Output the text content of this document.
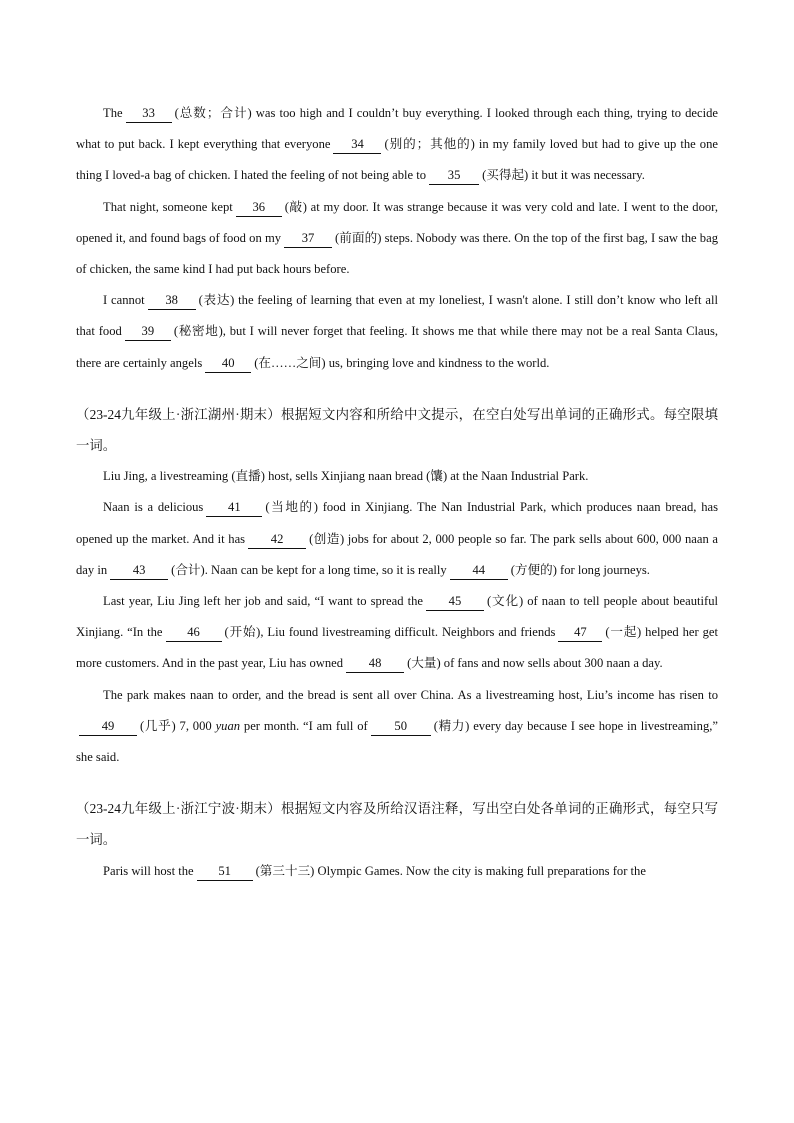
The 33 (总数；合计) was too high and I couldn’t buy everything. I looked through each thing, trying to decide what to put back. I kept everything that everyone 34 (别的；其他的) in my family loved but had to give up the one thing I loved-a bag of chicken. I hated the feeling of not being able to 35 (买得起) it but it was necessary.

That night, someone kept 36 (敲) at my door. It was strange because it was very cold and late. I went to the door, opened it, and found bags of food on my 37 (前面的) steps. Nobody was there. On the top of the first bag, I saw the bag of chicken, the same kind I had put back hours before.

I cannot 38 (表达) the feeling of learning that even at my loneliest, I wasn't alone. I still don’t know who left all that food 39 (秘密地), but I will never forget that feeling. It shows me that while there may not be a real Santa Claus, there are certainly angels 40 (在……之间) us, bringing love and kindness to the world.

（23-24九年级上·浙江湖州·期末）根据短文内容和所给中文提示，在空白处写出单词的正确形式。每空限填一词。

Liu Jing, a livestreaming (直播) host, sells Xinjiang naan bread (馕) at the Naan Industrial Park.

Naan is a delicious 41 (当地的) food in Xinjiang. The Nan Industrial Park, which produces naan bread, has opened up the market. And it has 42 (创造) jobs for about 2, 000 people so far. The park sells about 600, 000 naan a day in 43 (合计). Naan can be kept for a long time, so it is really 44 (方便的) for long journeys.

Last year, Liu Jing left her job and said, “I want to spread the 45 (文化) of naan to tell people about beautiful Xinjiang. “In the 46 (开始), Liu found livestreaming difficult. Neighbors and friends 47 (一起) helped her get more customers. And in the past year, Liu has owned 48 (大量) of fans and now sells about 300 naan a day.

The park makes naan to order, and the bread is sent all over China. As a livestreaming host, Liu’s income has risen to49 (几乎) 7, 000 yuan per month. “I am full of 50 (精力) every day because I see hope in livestreaming,” she said.

（23-24九年级上·浙江宁波·期末）根据短文内容及所给汉语注释，写出空白处各单词的正确形式，每空只写一词。

Paris will host the 51 (第三十三) Olympic Games. Now the city is making full preparations for the
